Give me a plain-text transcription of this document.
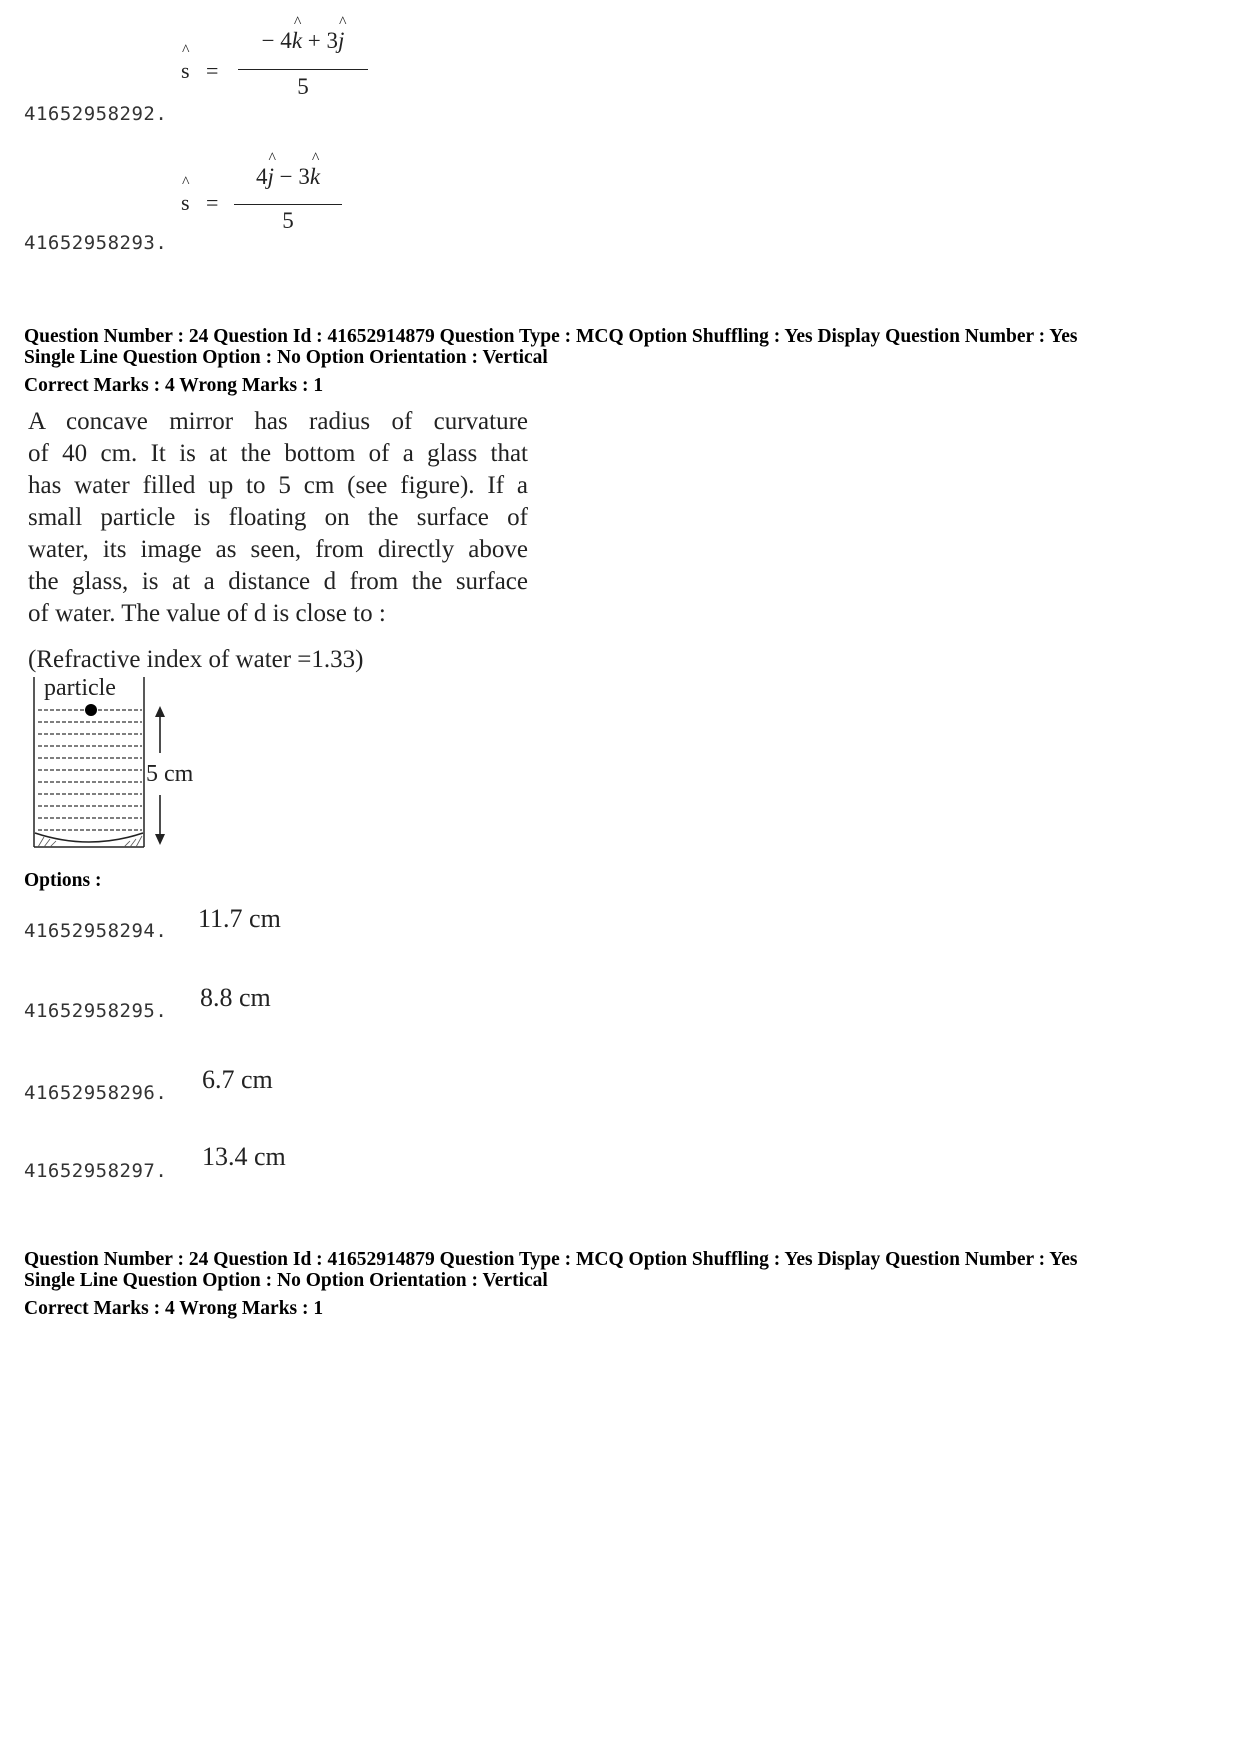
41652958292.
^
s =
− 4
^
k + 3
^
j
5
41652958293.
^
s =
4
^
j − 3
^
k
5
Question Number : 24 Question Id : 41652914879 Question Type : MCQ Option Shuffling : Yes Display Question Number : Yes
Single Line Question Option : No Option Orientation : Vertical
Correct Marks : 4 Wrong Marks : 1
A concave mirror has radius of curvature
of 40 cm. It is at the bottom of a glass that
has water filled up to 5 cm (see figure). If a
small particle is floating on the surface of
water, its image as seen, from directly above
the glass, is at a distance d from the surface
of water. The value of d is close to :
(Refractive index of water =1.33)
particle
5 cm
Options :
41652958294. 11.7 cm
41652958295. 8.8 cm
41652958296. 6.7 cm
41652958297. 13.4 cm
Question Number : 24 Question Id : 41652914879 Question Type : MCQ Option Shuffling : Yes Display Question Number : Yes
Single Line Question Option : No Option Orientation : Vertical
Correct Marks : 4 Wrong Marks : 1
